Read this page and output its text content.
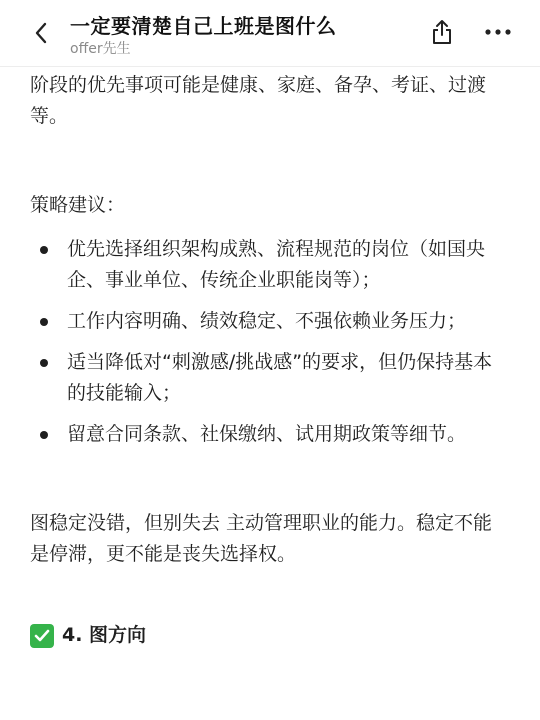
一定要清楚自己上班是图什么
offer先生

阶段的优先事项可能是健康、家庭、备孕、考证、过渡等。

策略建议：

优先选择组织架构成熟、流程规范的岗位（如国央企、事业单位、传统企业职能岗等）；
工作内容明确、绩效稳定、不强依赖业务压力；
适当降低对“刺激感/挑战感”的要求，但仍保持基本的技能输入；
留意合同条款、社保缴纳、试用期政策等细节。

图稳定没错，但别失去 主动管理职业的能力。稳定不能是停滞，更不能是丧失选择权。

4. 图方向
